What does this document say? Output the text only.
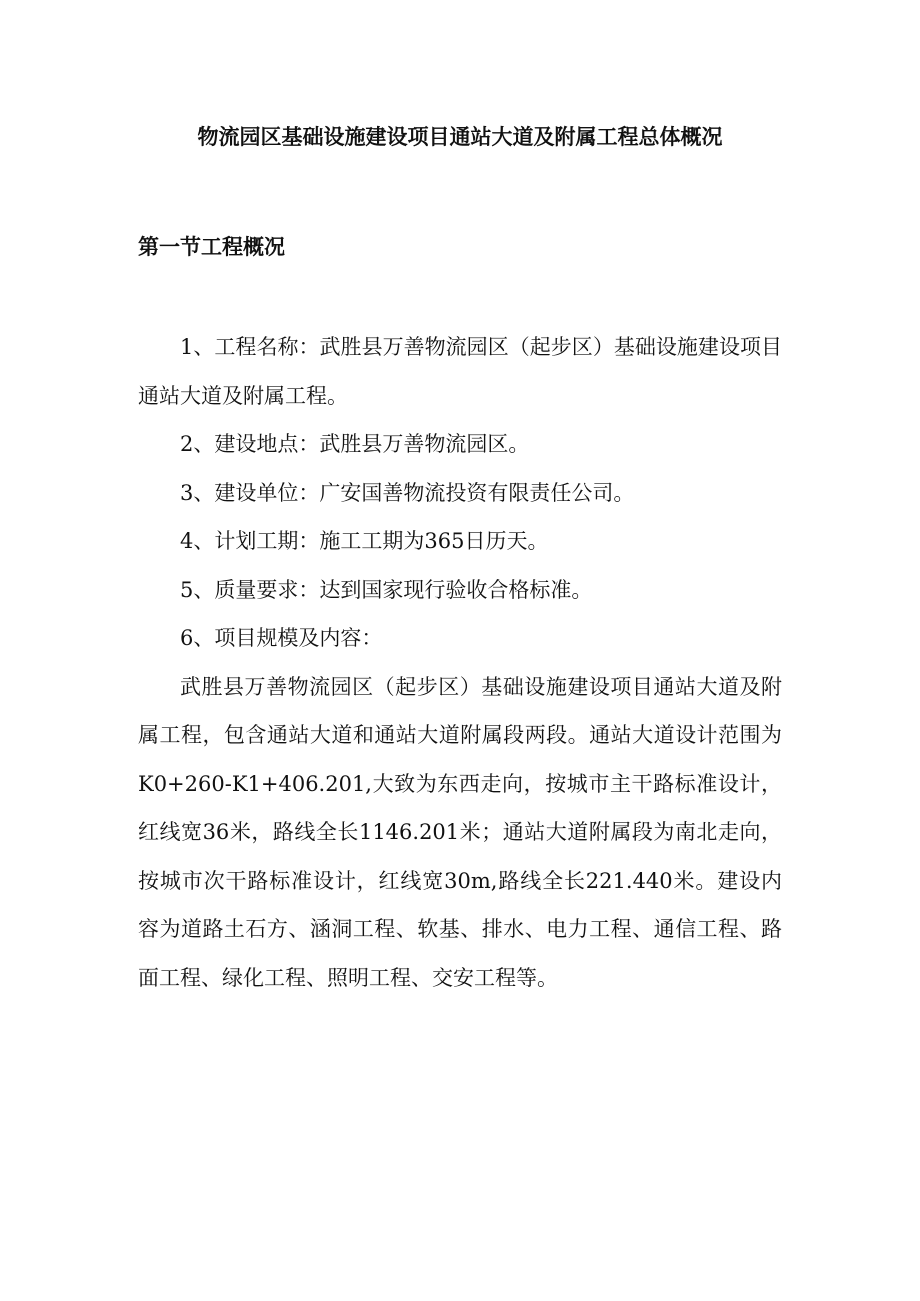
物流园区基础设施建设项目通站大道及附属工程总体概况
第一节工程概况

1、工程名称：武胜县万善物流园区（起步区）基础设施建设项目通站大道及附属工程。

2、建设地点：武胜县万善物流园区。

3、建设单位：广安国善物流投资有限责任公司。

4、计划工期：施工工期为365日历天。

5、质量要求：达到国家现行验收合格标准。

6、项目规模及内容：

武胜县万善物流园区（起步区）基础设施建设项目通站大道及附属工程，包含通站大道和通站大道附属段两段。通站大道设计范围为K0+260-K1+406.201,大致为东西走向，按城市主干路标准设计，红线宽36米，路线全长1146.201米；通站大道附属段为南北走向，按城市次干路标准设计，红线宽30m,路线全长221.440米。建设内容为道路土石方、涵洞工程、软基、排水、电力工程、通信工程、路面工程、绿化工程、照明工程、交安工程等。
